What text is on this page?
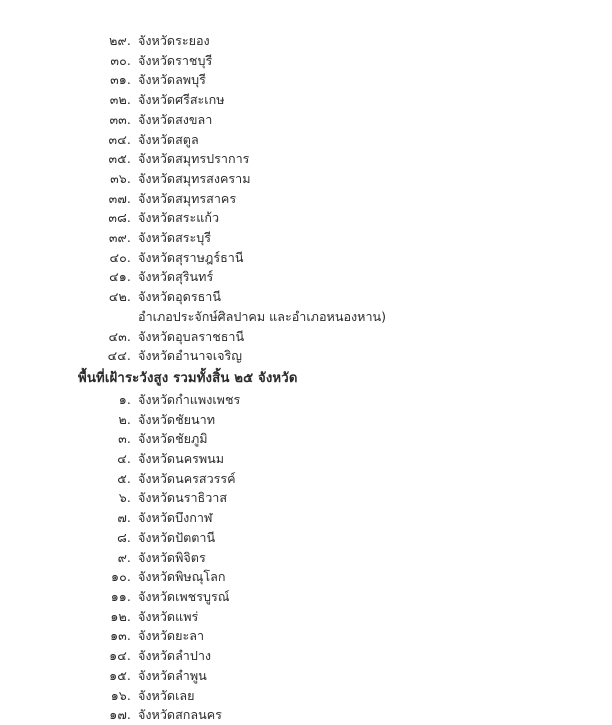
๒๙ . จังหวัดระยอง
๓๐ . จังหวัดราชบุรี
๓๑ . จังหวัดลพบุรี
๓๒ . จังหวัดศรีสะเกษ
๓๓ . จังหวัดสงขลา
๓๔ . จังหวัดสตูล
๓๕ . จังหวัดสมุทรปราการ
๓๖ . จังหวัดสมุทรสงคราม
๓๗ . จังหวัดสมุทรสาคร
๓๘ . จังหวัดสระแก้ว
๓๙ . จังหวัดสระบุรี
๔๐ . จังหวัดสุราษฎร์ธานี
๔๑ . จังหวัดสุรินทร์
๔๒ . จังหวัดอุดรธานี
อำเภอประจักษ์ศิลปาคม และอำเภอหนองหาน)
๔๓ . จังหวัดอุบลราชธานี
๔๔ . จังหวัดอำนาจเจริญ
พื้นที่เฝ้าระวังสูง รวมทั้งสิ้น ๒๕ จังหวัด
๑ . จังหวัดกำแพงเพชร
๒ . จังหวัดชัยนาท
๓ . จังหวัดชัยภูมิ
๔ . จังหวัดนครพนม
๕ . จังหวัดนครสวรรค์
๖ . จังหวัดนราธิวาส
๗ . จังหวัดบึงกาฬ
๘ . จังหวัดปัตตานี
๙ . จังหวัดพิจิตร
๑๐ . จังหวัดพิษณุโลก
๑๑ . จังหวัดเพชรบูรณ์
๑๒ . จังหวัดแพร่
๑๓ . จังหวัดยะลา
๑๔ . จังหวัดลำปาง
๑๕ . จังหวัดลำพูน
๑๖ . จังหวัดเลย
๑๗ . จังหวัดสกลนคร
